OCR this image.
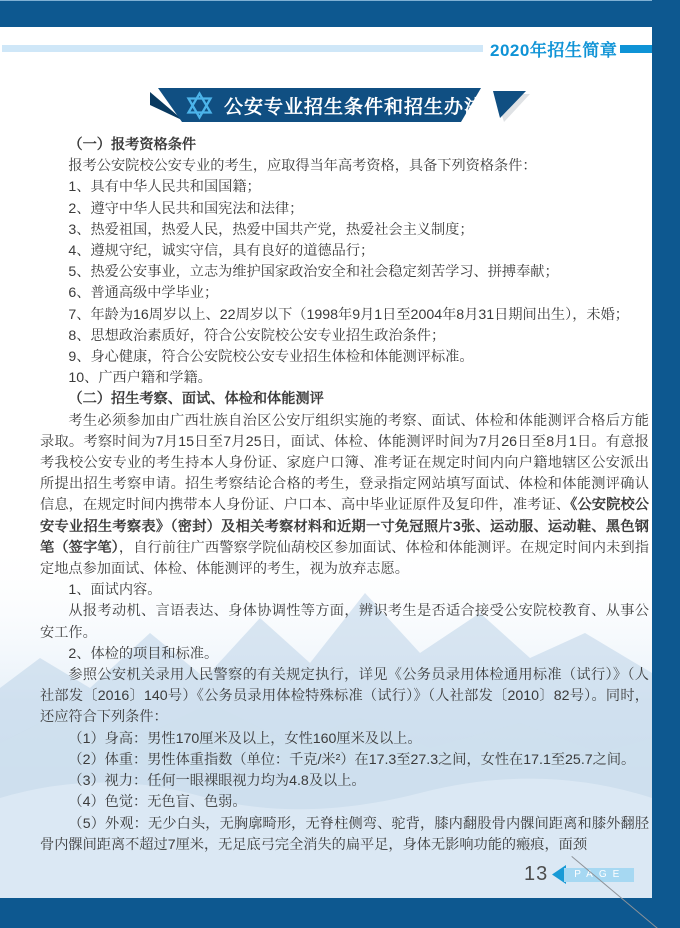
2020年招生简章
公安专业招生条件和招生办法

（一）报考资格条件

报考公安院校公安专业的考生，应取得当年高考资格，具备下列资格条件：

1、具有中华人民共和国国籍；

2、遵守中华人民共和国宪法和法律；

3、热爱祖国，热爱人民，热爱中国共产党，热爱社会主义制度；

4、遵规守纪，诚实守信，具有良好的道德品行；

5、热爱公安事业，立志为维护国家政治安全和社会稳定刻苦学习、拼搏奉献；

6、普通高级中学毕业；

7、年龄为16周岁以上、22周岁以下（1998年9月1日至2004年8月31日期间出生），未婚；

8、思想政治素质好，符合公安院校公安专业招生政治条件；

9、身心健康，符合公安院校公安专业招生体检和体能测评标准。

10、广西户籍和学籍。

（二）招生考察、面试、体检和体能测评

考生必须参加由广西壮族自治区公安厅组织实施的考察、面试、体检和体能测评合格后方能录取。考察时间为7月15日至7月25日，面试、体检、体能测评时间为7月26日至8月1日。有意报考我校公安专业的考生持本人身份证、家庭户口簿、准考证在规定时间内向户籍地辖区公安派出所提出招生考察申请。招生考察结论合格的考生，登录指定网站填写面试、体检和体能测评确认信息，在规定时间内携带本人身份证、户口本、高中毕业证原件及复印件，准考证、《公安院校公安专业招生考察表》（密封）及相关考察材料和近期一寸免冠照片3张、运动服、运动鞋、黑色钢笔（签字笔），自行前往广西警察学院仙葫校区参加面试、体检和体能测评。在规定时间内未到指定地点参加面试、体检、体能测评的考生，视为放弃志愿。

1、面试内容。

从报考动机、言语表达、身体协调性等方面，辨识考生是否适合接受公安院校教育、从事公安工作。

2、体检的项目和标准。

参照公安机关录用人民警察的有关规定执行，详见《公务员录用体检通用标准（试行）》（人社部发〔2016〕140号）《公务员录用体检特殊标准（试行）》（人社部发〔2010〕82号）。同时，还应符合下列条件：

（1）身高：男性170厘米及以上，女性160厘米及以上。

（2）体重：男性体重指数（单位：千克/米²）在17.3至27.3之间，女性在17.1至25.7之间。

（3）视力：任何一眼裸眼视力均为4.8及以上。

（4）色觉：无色盲、色弱。

（5）外观：无少白头，无胸廓畸形，无脊柱侧弯、驼背，膝内翻股骨内髁间距离和膝外翻胫骨内髁间距离不超过7厘米，无足底弓完全消失的扁平足，身体无影响功能的瘢痕，面颈

13	PAGE
